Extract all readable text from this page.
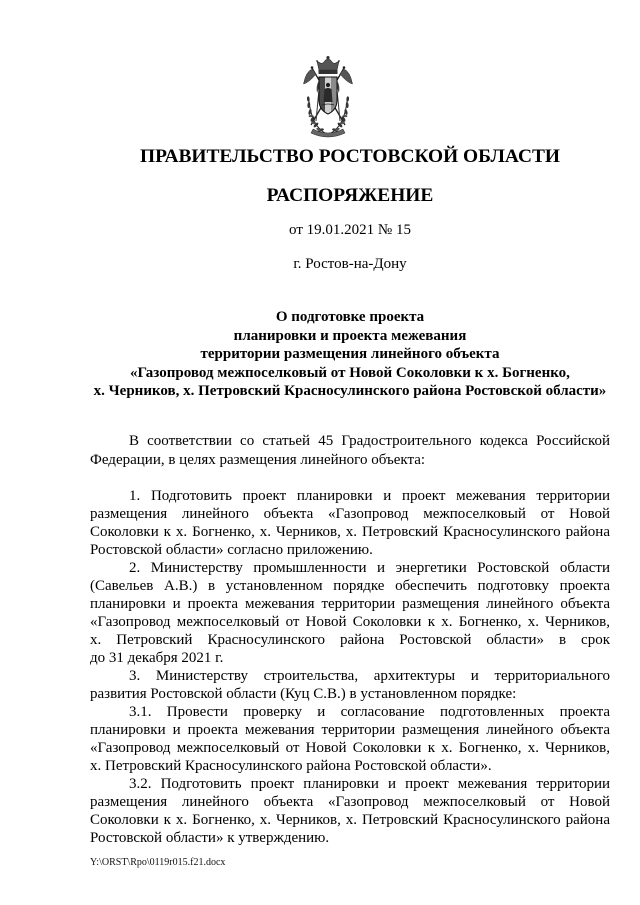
ПРАВИТЕЛЬСТВО РОСТОВСКОЙ ОБЛАСТИ
РАСПОРЯЖЕНИЕ
от 19.01.2021 № 15
г. Ростов-на-Дону
О подготовке проекта
планировки и проекта межевания
территории размещения линейного объекта
«Газопровод межпоселковый от Новой Соколовки к х. Богненко,
х. Черников, х. Петровский Красносулинского района Ростовской области»
В соответствии со статьей 45 Градостроительного кодекса Российской
Федерации, в целях размещения линейного объекта:
1. Подготовить проект планировки и проект межевания территории
размещения линейного объекта «Газопровод межпоселковый от Новой
Соколовки к х. Богненко, х. Черников, х. Петровский Красносулинского района
Ростовской области» согласно приложению.
2. Министерству промышленности и энергетики Ростовской области
(Савельев А.В.) в установленном порядке обеспечить подготовку проекта
планировки и проекта межевания территории размещения линейного объекта
«Газопровод межпоселковый от Новой Соколовки к х. Богненко, х. Черников,
х. Петровский Красносулинского района Ростовской области» в срок
до 31 декабря 2021 г.
3. Министерству строительства, архитектуры и территориального
развития Ростовской области (Куц С.В.) в установленном порядке:
3.1. Провести проверку и согласование подготовленных проекта
планировки и проекта межевания территории размещения линейного объекта
«Газопровод межпоселковый от Новой Соколовки к х. Богненко, х. Черников,
х. Петровский Красносулинского района Ростовской области».
3.2. Подготовить проект планировки и проект межевания территории
размещения линейного объекта «Газопровод межпоселковый от Новой
Соколовки к х. Богненко, х. Черников, х. Петровский Красносулинского района
Ростовской области» к утверждению.
Y:\ORST\Rpo\0119r015.f21.docx
